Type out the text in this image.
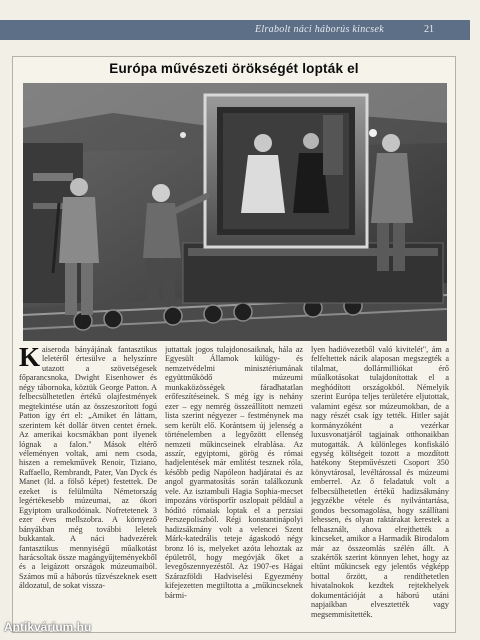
Elrabolt náci háborús kincsek	21
Európa művészeti örökségét lopták el
K aiseroda bányájának fantasztikus leletéről értesülve a helyszínre utazott a szövetségesek főparancsnoka, Dwight Eisenhower és négy tábornoka, köztük George Patton. A felbecsülhetetlen értékű olajfestmények megtekintése után az összeszorított fogú Patton így ért el: „Amiket én láttam, szerintem két dollár ötven centet érnek. Az amerikai kocsmákban pont ilyenek lógnak a falon." Mások eltérő véleményen voltak, ami nem csoda, hiszen a remekművek Renoir, Tiziano, Raffaello, Rembrandt, Pater, Van Dyck és Manet (ld. a fölső képet) festettek. De ezeket is felülmúlta Németország legértékesebb múzeumai, az ókori Egyiptom uralkodóinak. Nofretetenek 3 ezer éves mellszobra. A környező bányákban még további leletek bukkantak. A náci hadvezérek fantasztikus mennyiségű műalkotást harácsoltak össze magángyűjteményekből és a leigázott országok múzeumaiból. Számos mű a háborús tűzvészeknek esett áldozatul, de sokat vissza-

juttattak jogos tulajdonosaiknak, hála az Egyesült Államok külügy- és nemzetvédelmi minisztériumának együttműködő múzeumi munkaközösségek fáradhatatlan erőfeszítéseinek. S még így is nehány ezer – egy nemrég összeállított nemzeti lista szerint négyezer – festménynek ma sem került elő. Korántsem új jelenség a történelemben a legyőzött ellenség nemzeti műkincseinek elrablása. Az asszír, egyiptomi, görög és római hadjelentések már említést tesznek róla, később pedig Napóleon hadjáratai és az angol gyarmatosítás során találkozunk vele. Az isztambuli Hagia Sophia-mecset impozáns vörösporfír oszlopait például a hódító rómaiak loptak el a perzsiai Perszepoliszból. Régi konstantinápolyi hadizsákmány volt a velencei Szent Márk-katedrális teteje ágaskodó négy bronz ló is, melyeket azóta lehoztak az épületről, hogy megóvják őket a levegőszennyezéstől. Az 1907-es Hágai Szárazföldi Hadviselési Egyezmény kifejezetten megtiltotta a „műkincseknek bármi-

lyen hadiövezetből való kivitelét", ám a felfeltettek nácik alaposan megszegték a tilalmat, dollármilliókat érő műalkotásokat tulajdonítottak el a meghódított országokból. Némelyik szerint Európa teljes területére eljutottak, valamint egész sor múzeumokban, de a nagy részét csak így tették. Hitler saját kormányzóként a vezérkar luxusvonatjáról tagjainak otthonaikban mutogatták. A különleges konfiskáló egység költségeit tozott a mozdított hatékony Stepművészeti Csoport 350 könyvtárosal, levéltárossal és múzeumi emberrel. Az ő feladatuk volt a felbecsülhetetlen értékű hadizsákmány jegyzékbe vétele és nyilvántartása, gondos becsomagolása, hogy szállítani lehessen, és olyan raktárakat kerestek a felhasznált, ahova elrejthették a kincseket, amikor a Harmadik Birodalom már az összeomlás szélén állt. A szakértők szerint könnyen lehet, hogy az eltűnt műkincsek egy jelentős végképp bottal őrzött, a rendíthetetlen hivatalnokok kezdtek rejtekhelyek dokumentációját a háború utáni napjaikban elvesztették vagy megsemmisítették.

Antikvárium.hu
